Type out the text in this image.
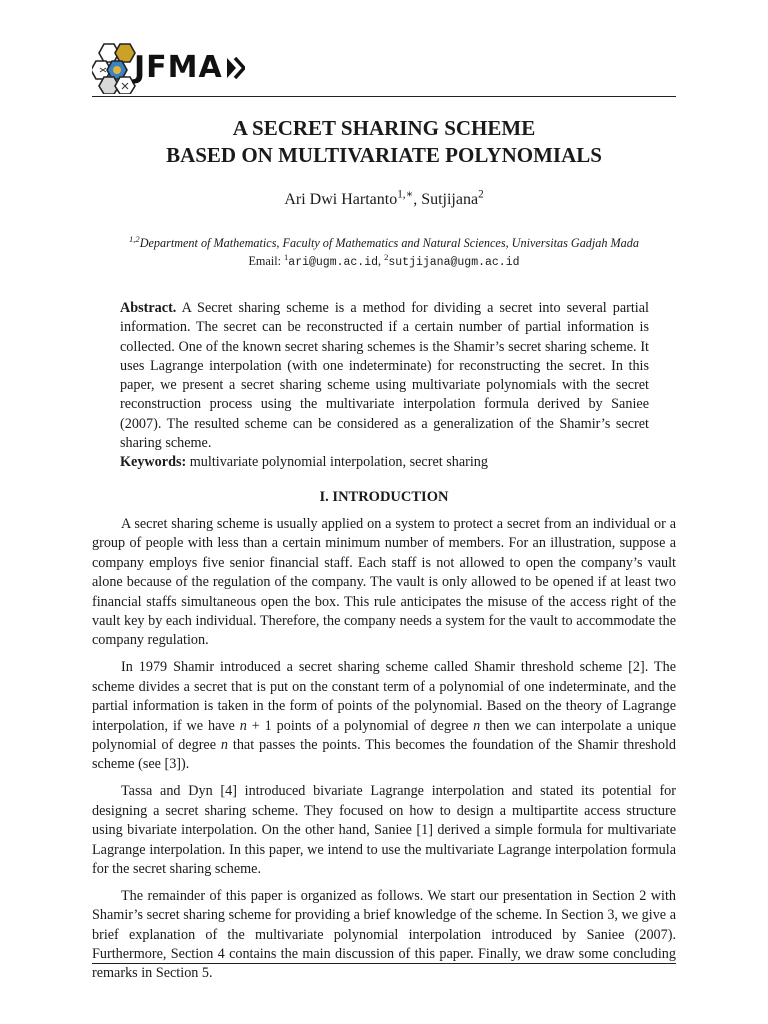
JFMA
A SECRET SHARING SCHEME
BASED ON MULTIVARIATE POLYNOMIALS
Ari Dwi Hartanto$^{1,∗}$, Sutjijana$^2$
$^{1,2}$Department of Mathematics, Faculty of Mathematics and Natural Sciences, Universitas Gadjah Mada
Email: $^1$ari@ugm.ac.id, $^2$sutjijana@ugm.ac.id

Abstract. A Secret sharing scheme is a method for dividing a secret into several partial information. The secret can be reconstructed if a certain number of partial information is collected. One of the known secret sharing schemes is the Shamir’s secret sharing scheme. It uses Lagrange interpolation (with one indeterminate) for reconstructing the secret. In this paper, we present a secret sharing scheme using multivariate polynomials with the secret reconstruction process using the multivariate interpolation formula derived by Saniee (2007). The resulted scheme can be considered as a generalization of the Shamir’s secret sharing scheme.

Keywords: multivariate polynomial interpolation, secret sharing

I. INTRODUCTION

A secret sharing scheme is usually applied on a system to protect a secret from an individual or a group of people with less than a certain minimum number of members. For an illustration, suppose a company employs five senior financial staff. Each staff is not allowed to open the company’s vault alone because of the regulation of the company. The vault is only allowed to be opened if at least two financial staffs simultaneous open the box. This rule anticipates the misuse of the access right of the vault key by each individual. Therefore, the company needs a system for the vault to accommodate the company regulation.

In 1979 Shamir introduced a secret sharing scheme called Shamir threshold scheme [2]. The scheme divides a secret that is put on the constant term of a polynomial of one indeterminate, and the partial information is taken in the form of points of the polynomial. Based on the theory of Lagrange interpolation, if we have n + 1 points of a polynomial of degree n then we can interpolate a unique polynomial of degree n that passes the points. This becomes the foundation of the Shamir threshold scheme (see [3]).

Tassa and Dyn [4] introduced bivariate Lagrange interpolation and stated its potential for designing a secret sharing scheme. They focused on how to design a multipartite access structure using bivariate interpolation. On the other hand, Saniee [1] derived a simple formula for multivariate Lagrange interpolation. In this paper, we intend to use the multivariate Lagrange interpolation formula for the secret sharing scheme.

The remainder of this paper is organized as follows. We start our presentation in Section 2 with Shamir’s secret sharing scheme for providing a brief knowledge of the scheme. In Section 3, we give a brief explanation of the multivariate polynomial interpolation introduced by Saniee (2007). Furthermore, Section 4 contains the main discussion of this paper. Finally, we draw some concluding remarks in Section 5.
